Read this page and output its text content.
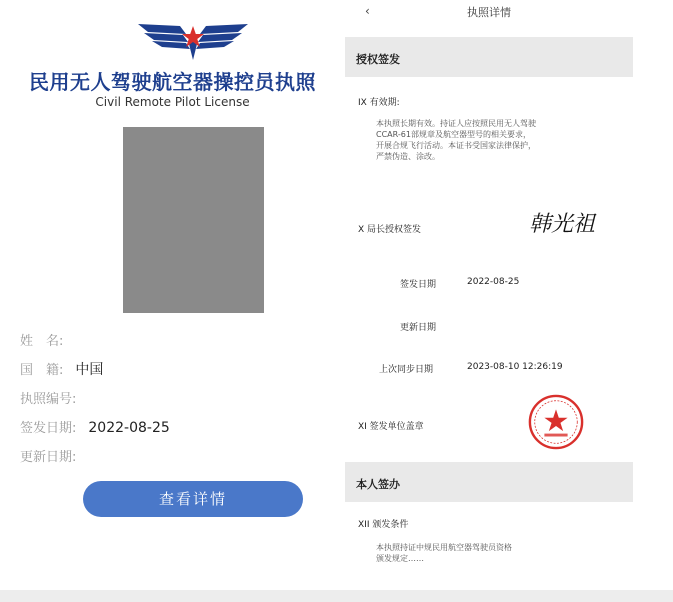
民用无人驾驶航空器操控员执照
Civil Remote Pilot License
姓　名:
国　籍: 中国
执照编号:
签发日期: 2022-08-25
更新日期:
查看详情
‹	执照详情
授权签发
IX 有效期:
本执照长期有效。持证人应按照民用无人驾驶
CCAR-61部规章及航空器型号的相关要求，
开展合规飞行活动。本证书受国家法律保护，
严禁伪造、涂改。
X 局长授权签发	韩光祖
签发日期	2022-08-25
更新日期
上次同步日期	2023-08-10 12:26:19
XI 签发单位盖章
本人签办
XII 颁发条件
本执照持证中规民用航空器驾驶员资格
颁发规定……
